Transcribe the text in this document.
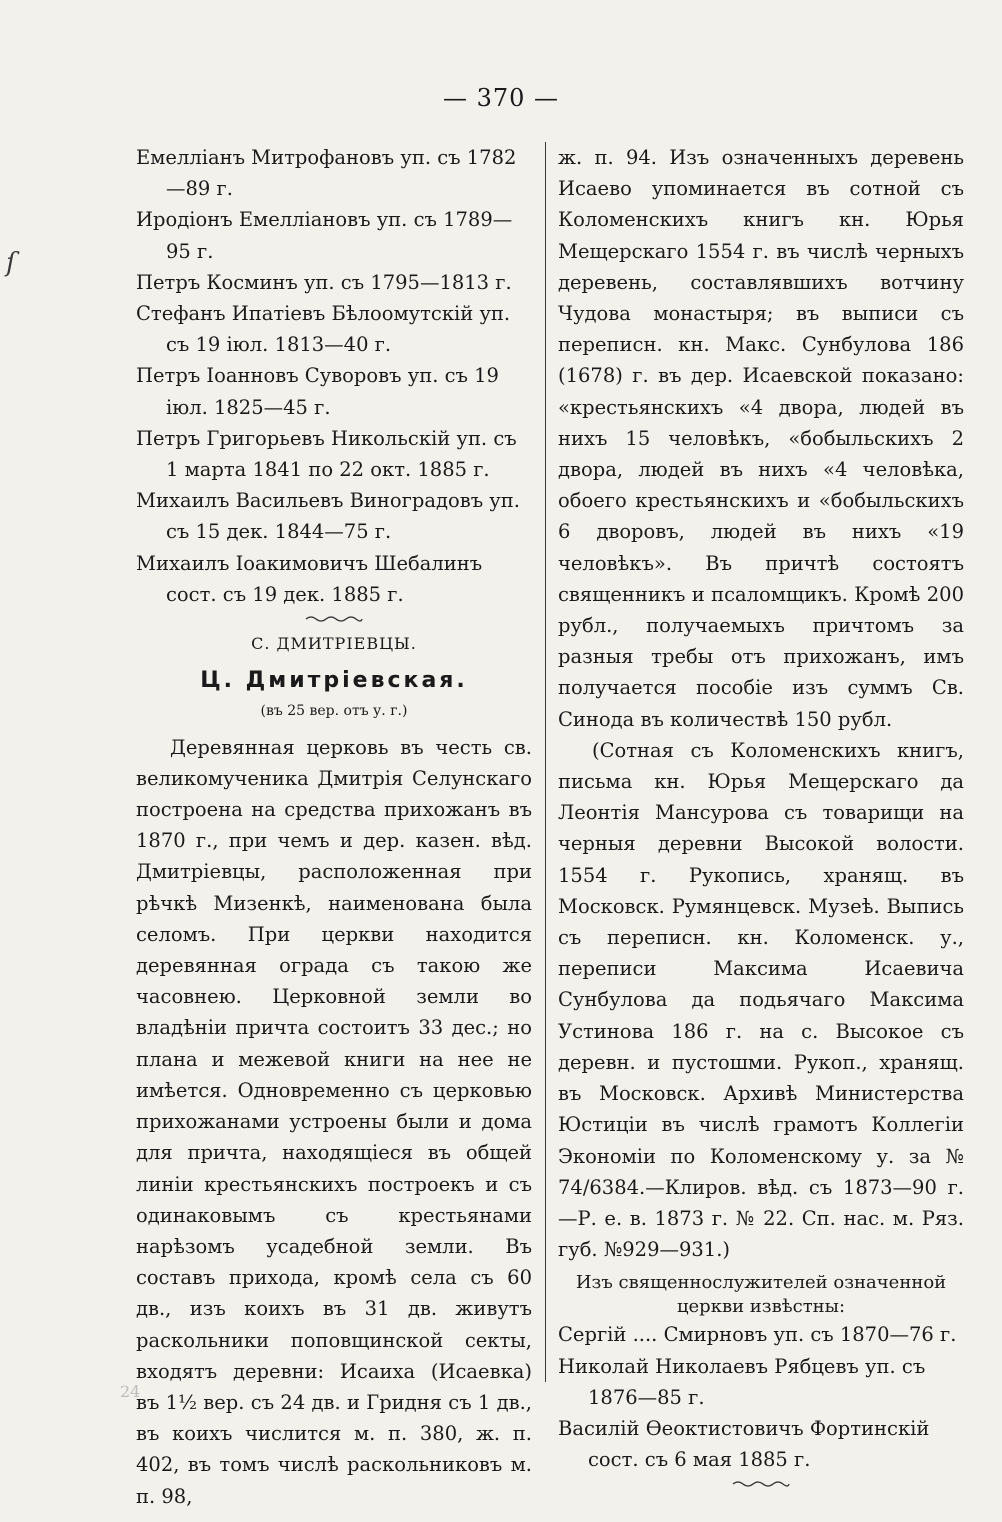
— 370 —
ſ
Емелліанъ Митрофановъ уп. съ 1782—89 г.
Иродіонъ Емелліановъ уп. съ 1789—95 г.
Петръ Косминъ уп. съ 1795—1813 г.
Стефанъ Ипатіевъ Бѣлоомутскій уп. съ 19 іюл. 1813—40 г.
Петръ Іоанновъ Суворовъ уп. съ 19 іюл. 1825—45 г.
Петръ Григорьевъ Никольскій уп. съ 1 марта 1841 по 22 окт. 1885 г.
Михаилъ Васильевъ Виноградовъ уп. съ 15 дек. 1844—75 г.
Михаилъ Іоакимовичъ Шебалинъ сост. съ 19 дек. 1885 г.
С. ДМИТРІЕВЦЫ.
Ц. Дмитріевская.
(въ 25 вер. отъ у. г.)
Деревянная церковь въ честь св. великомученика Дмитрія Селунскаго построена на средства прихожанъ въ 1870 г., при чемъ и дер. казен. вѣд. Дмитріевцы, расположенная при рѣчкѣ Мизенкѣ, наименована была селомъ. При церкви находится деревянная ограда съ такою же часовнею. Церковной земли во владѣніи причта состоитъ 33 дес.; но плана и межевой книги на нее не имѣется. Одновременно съ церковью прихожанами устроены были и дома для причта, находящіеся въ общей линіи крестьянскихъ построекъ и съ одинаковымъ съ крестьянами нарѣзомъ усадебной земли. Въ составъ прихода, кромѣ села съ 60 дв., изъ коихъ въ 31 дв. живутъ раскольники поповщинской секты, входятъ деревни: Исаиха (Исаевка) въ 1½ вер. съ 24 дв. и Гридня съ 1 дв., въ коихъ числится м. п. 380, ж. п. 402, въ томъ числѣ раскольниковъ м. п. 98,
ж. п. 94. Изъ означенныхъ деревень Исаево упоминается въ сотной съ Коломенскихъ книгъ кн. Юрья Мещерскаго 1554 г. въ числѣ черныхъ деревень, составлявшихъ вотчину Чудова монастыря; въ выписи съ переписн. кн. Макс. Сунбулова 186 (1678) г. въ дер. Исаевской показано: «крестьянскихъ «4 двора, людей въ нихъ 15 человѣкъ, «бобыльскихъ 2 двора, людей въ нихъ «4 человѣка, обоего крестьянскихъ и «бобыльскихъ 6 дворовъ, людей въ нихъ «19 человѣкъ». Въ причтѣ состоятъ священникъ и псаломщикъ. Кромѣ 200 рубл., получаемыхъ причтомъ за разныя требы отъ прихожанъ, имъ получается пособіе изъ суммъ Св. Синода въ количествѣ 150 рубл.
(Сотная съ Коломенскихъ книгъ, письма кн. Юрья Мещерскаго да Леонтія Мансурова съ товарищи на черныя деревни Высокой волости. 1554 г. Рукопись, хранящ. въ Московск. Румянцевск. Музеѣ. Выпись съ переписн. кн. Коломенск. у., переписи Максима Исаевича Сунбулова да подьячаго Максима Устинова 186 г. на с. Высокое съ деревн. и пустошми. Рукоп., хранящ. въ Московск. Архивѣ Министерства Юстиціи въ числѣ грамотъ Коллегіи Экономіи по Коломенскому у. за № 74/6384.—Клиров. вѣд. съ 1873—90 г.—Р. е. в. 1873 г. № 22. Сп. нас. м. Ряз. губ. №929—931.)
Изъ священнослужителей означенной церкви извѣстны:
Сергій .... Смирновъ уп. съ 1870—76 г.
Николай Николаевъ Рябцевъ уп. съ 1876—85 г.
Василій Ѳеоктистовичъ Фортинскій сост. съ 6 мая 1885 г.
24
